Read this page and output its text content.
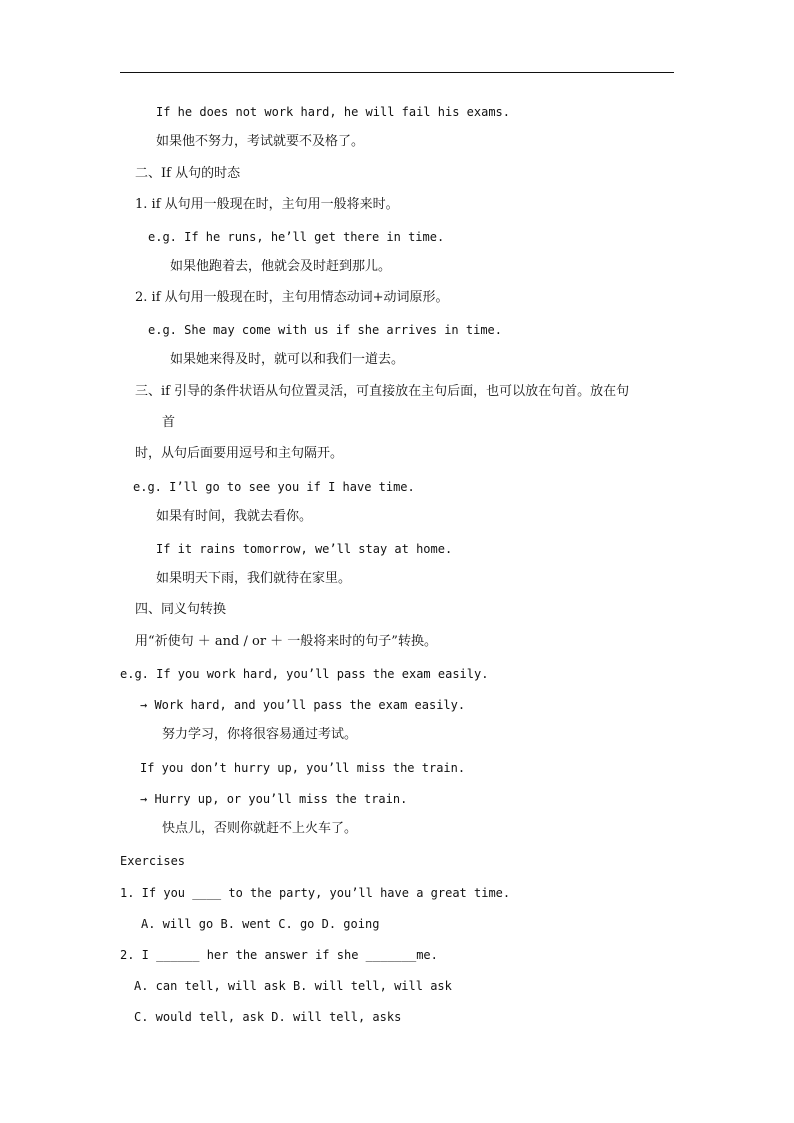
If he does not work hard, he will fail his exams.
如果他不努力，考试就要不及格了。
二、If 从句的时态
1. if 从句用一般现在时，主句用一般将来时。
e.g. If he runs, he’ll get there in time.
如果他跑着去，他就会及时赶到那儿。
2. if 从句用一般现在时，主句用情态动词+动词原形。
e.g. She may come with us if she arrives in time.
如果她来得及时，就可以和我们一道去。
三、if 引导的条件状语从句位置灵活，可直接放在主句后面，也可以放在句首。放在句
首
时，从句后面要用逗号和主句隔开。
e.g. I’ll go to see you if I have time.
如果有时间，我就去看你。
If it rains tomorrow, we’ll stay at home.
如果明天下雨，我们就待在家里。
四、同义句转换
用“祈使句 ＋ and / or ＋ 一般将来时的句子”转换。
e.g. If you work hard, you’ll pass the exam easily.
→ Work hard, and you’ll pass the exam easily.
努力学习，你将很容易通过考试。
If you don’t hurry up, you’ll miss the train.
→ Hurry up, or you’ll miss the train.
快点儿，否则你就赶不上火车了。
Exercises
1. If you ____ to the party, you’ll have a great time.
A. will go B. went C. go D. going
2. I ______ her the answer if she _______me.
A. can tell, will ask B. will tell, will ask
C. would tell, ask D. will tell, asks
